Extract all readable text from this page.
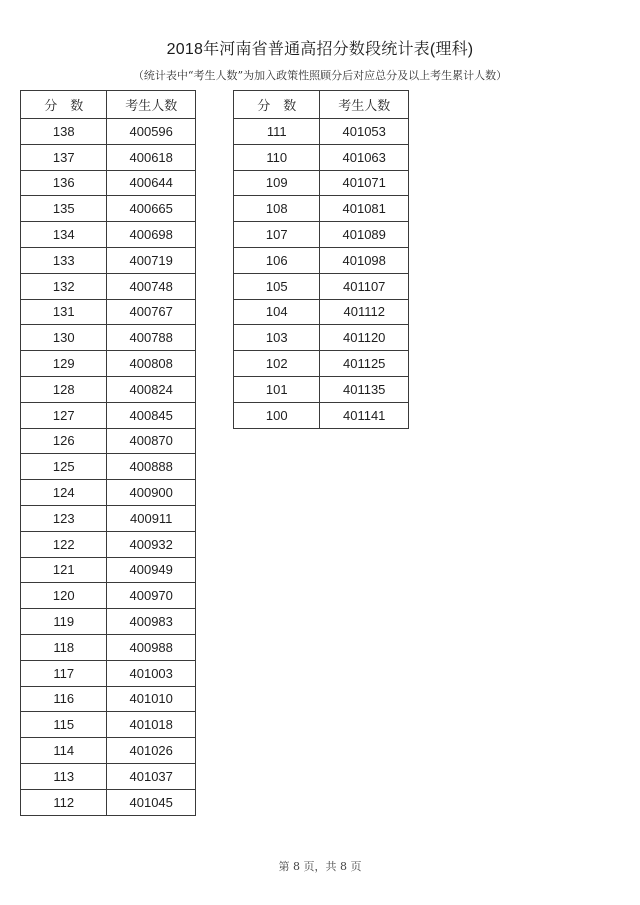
2018年河南省普通高招分数段统计表(理科)
（统计表中“考生人数”为加入政策性照顾分后对应总分及以上考生累计人数）
分　数	考生人数
138	400596
137	400618
136	400644
135	400665
134	400698
133	400719
132	400748
131	400767
130	400788
129	400808
128	400824
127	400845
126	400870
125	400888
124	400900
123	400911
122	400932
121	400949
120	400970
119	400983
118	400988
117	401003
116	401010
115	401018
114	401026
113	401037
112	401045
分　数	考生人数
111	401053
110	401063
109	401071
108	401081
107	401089
106	401098
105	401107
104	401112
103	401120
102	401125
101	401135
100	401141
第 8 页，共 8 页
